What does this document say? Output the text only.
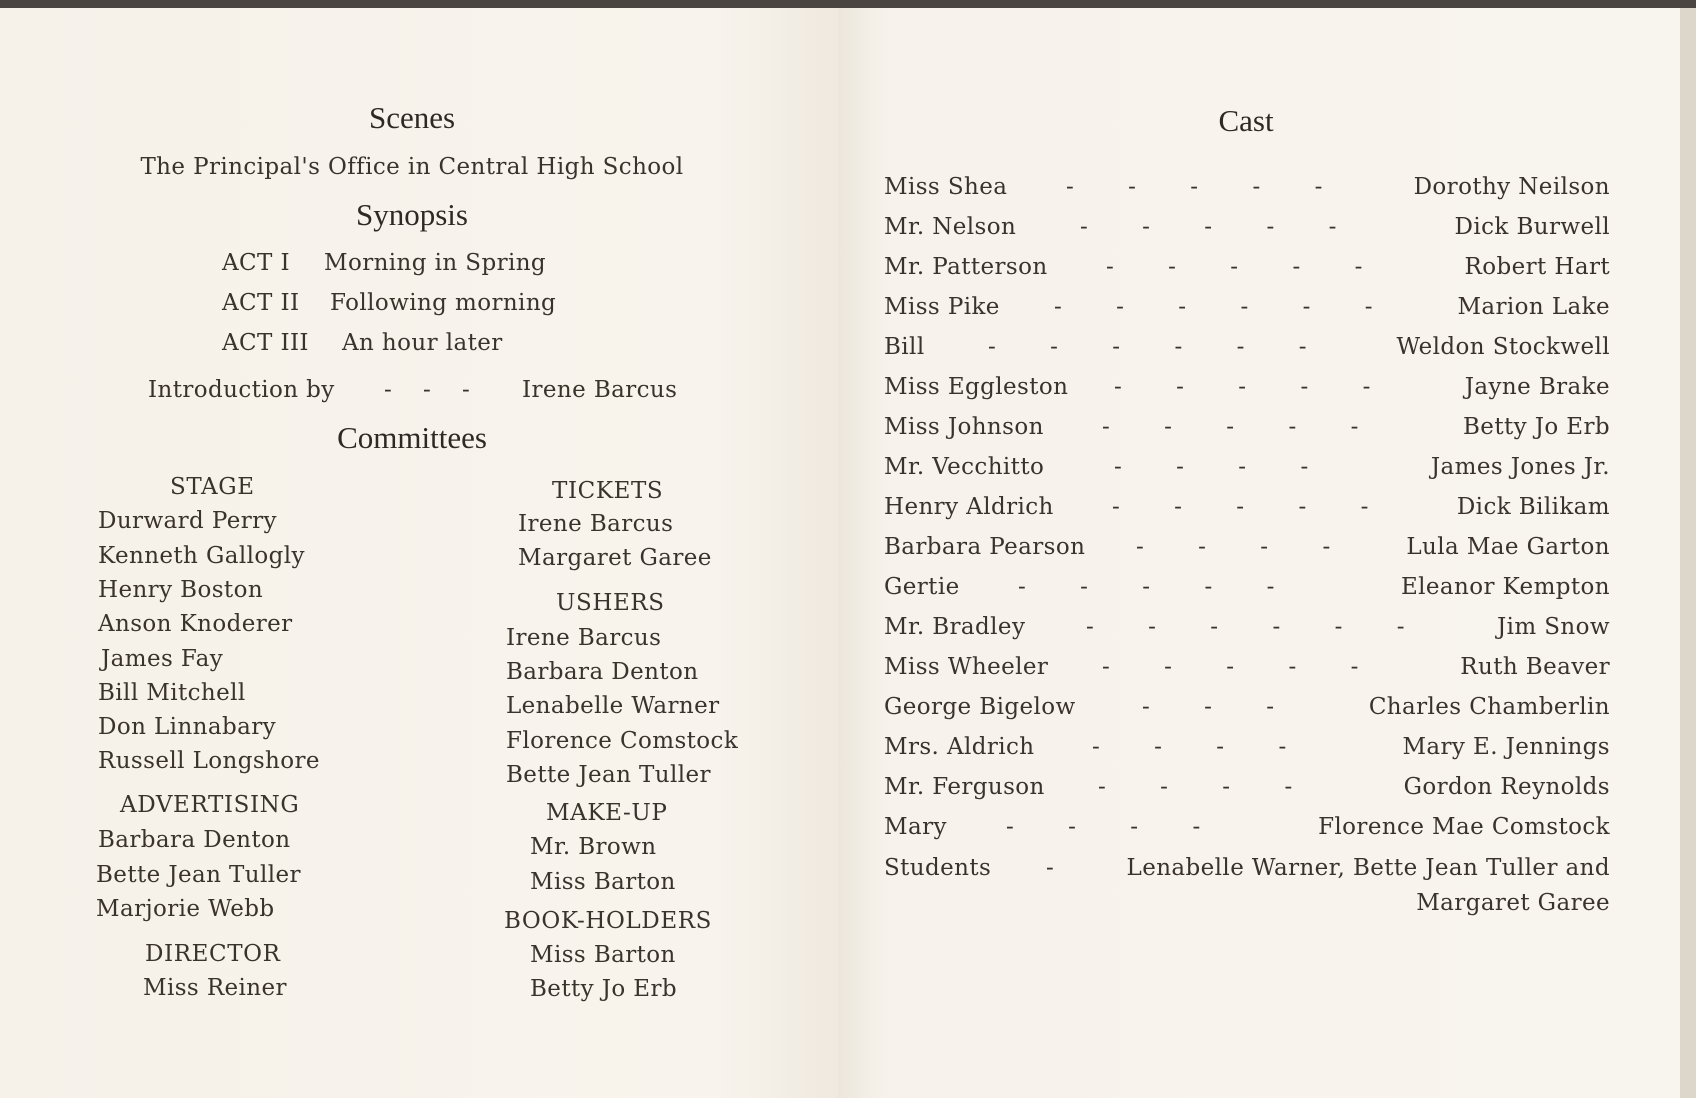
Scenes
The Principal's Office in Central High School
Synopsis
ACT I Morning in Spring
ACT II Following morning
ACT III An hour later
Introduction by -    -    - Irene Barcus
Committees
STAGE
Durward Perry
Kenneth Gallogly
Henry Boston
Anson Knoderer
James Fay
Bill Mitchell
Don Linnabary
Russell Longshore
ADVERTISING
Barbara Denton
Bette Jean Tuller
Marjorie Webb
DIRECTOR
Miss Reiner
TICKETS
Irene Barcus
Margaret Garee
USHERS
Irene Barcus
Barbara Denton
Lenabelle Warner
Florence Comstock
Bette Jean Tuller
MAKE-UP
Mr. Brown
Miss Barton
BOOK-HOLDERS
Miss Barton
Betty Jo Erb
Cast
Miss Shea	-       -       -       -       -	Dorothy Neilson
Mr. Nelson	-       -       -       -       -	Dick Burwell
Mr. Patterson	-       -       -       -       -	Robert Hart
Miss Pike -       -       -       -       -       -	Marion Lake
Bill	-       -       -       -       -       -	Weldon Stockwell
Miss Eggleston -       -       -       -       -	Jayne Brake
Miss Johnson	-       -       -       -       -	Betty Jo Erb
Mr. Vecchitto	-       -       -       -	James Jones Jr.
Henry Aldrich	-       -       -       -       -	Dick Bilikam
Barbara Pearson -       -       -       -	Lula Mae Garton
Gertie	-       -       -       -       -	Eleanor Kempton
Mr. Bradley	-       -       -       -       -       -	Jim Snow
Miss Wheeler -       -       -       -       -	Ruth Beaver
George Bigelow	-       -       -	Charles Chamberlin
Mrs. Aldrich -       -       -       -	Mary E. Jennings
Mr. Ferguson -       -       -       -	Gordon Reynolds
Mary	-       -       -       -	Florence Mae Comstock
Students -	Lenabelle Warner, Bette Jean Tuller and
Margaret Garee
